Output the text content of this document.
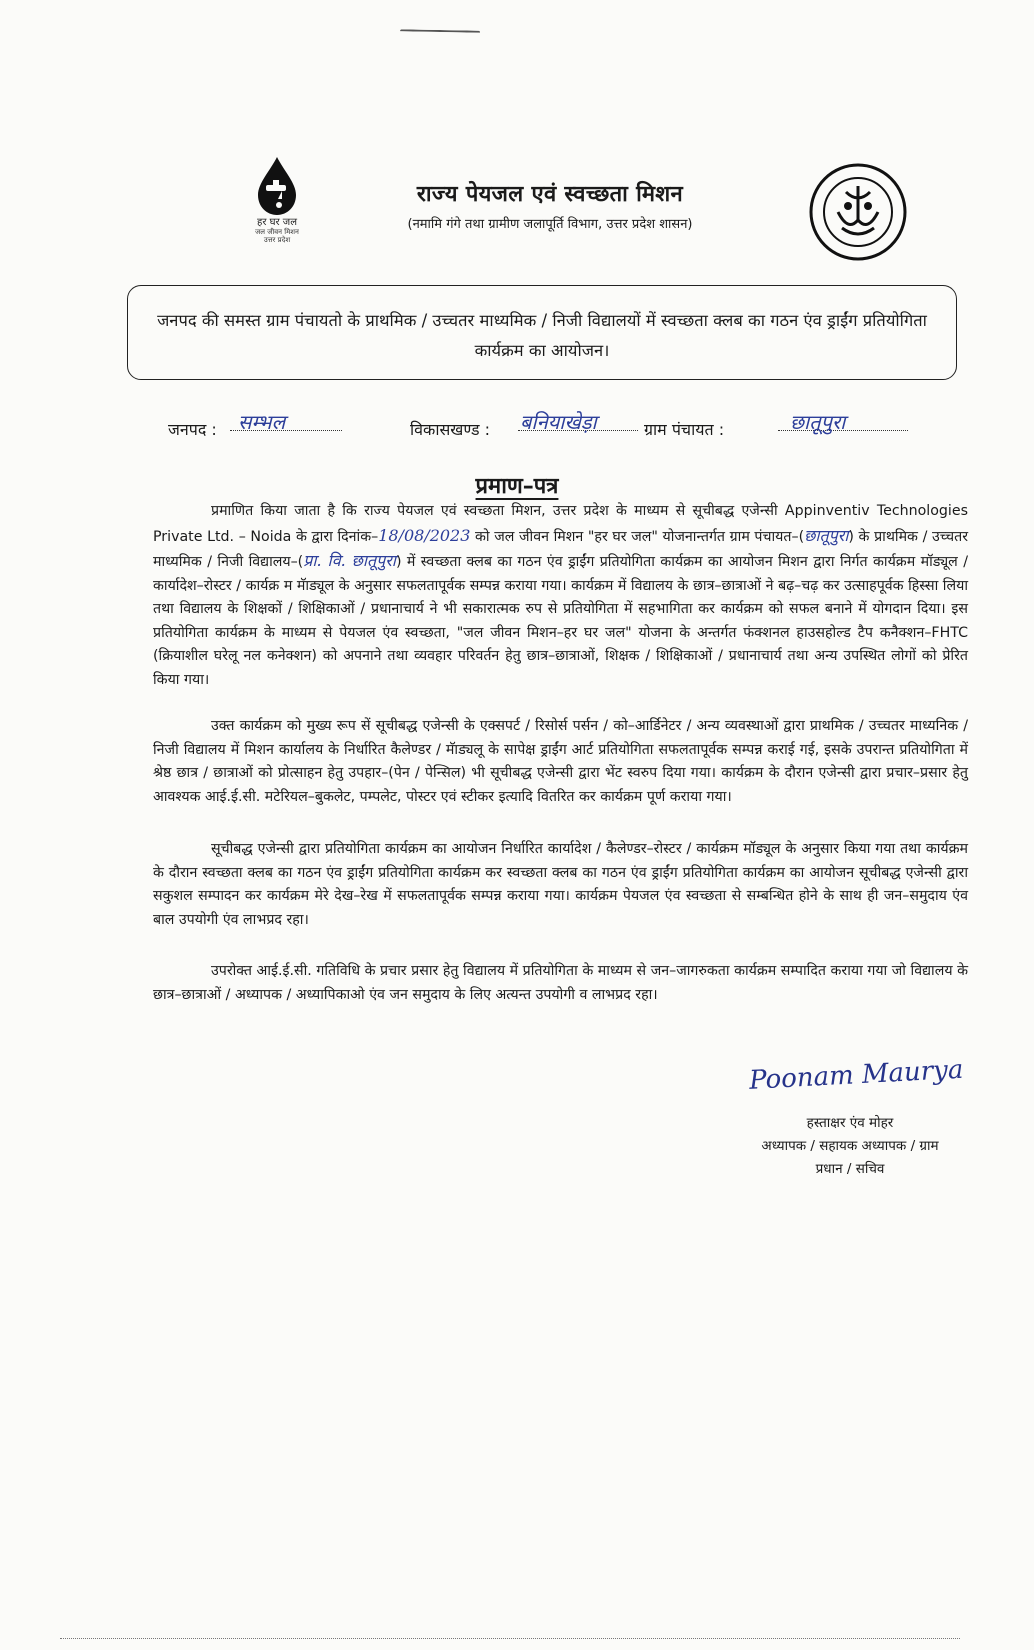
हर घर जल
जल जीवन मिशन
उत्तर प्रदेश
राज्य पेयजल एवं स्वच्छता मिशन
(नमामि गंगे तथा ग्रामीण जलापूर्ति विभाग, उत्तर प्रदेश शासन)
जनपद की समस्त ग्राम पंचायतो के प्राथमिक / उच्चतर माध्यमिक / निजी विद्यालयों में स्वच्छता क्लब का गठन एंव ड्राईंग प्रतियोगिता कार्यक्रम का आयोजन।
जनपद : सम्भल	विकासखण्ड : बनियाखेड़ा	ग्राम पंचायत :	छातूपुरा
प्रमाण–पत्र
प्रमाणित किया जाता है कि राज्य पेयजल एवं स्वच्छता मिशन, उत्तर प्रदेश के माध्यम से सूचीबद्ध एजेन्सी Appinventiv Technologies Private Ltd. – Noida के द्वारा दिनांक–18/08/2023 को जल जीवन मिशन "हर घर जल" योजनान्तर्गत ग्राम पंचायत–(छातूपुरा) के प्राथमिक / उच्चतर माध्यमिक / निजी विद्यालय–(प्रा. वि. छातूपुरा) में स्वच्छता क्लब का गठन एंव ड्राईंग प्रतियोगिता कार्यक्रम का आयोजन मिशन द्वारा निर्गत कार्यक्रम मॉड्यूल / कार्यादेश–रोस्टर / कार्यक्र म मॅाड्यूल के अनुसार सफलतापूर्वक सम्पन्न कराया गया। कार्यक्रम में विद्यालय के छात्र–छात्राओं ने बढ़–चढ़ कर उत्साहपूर्वक हिस्सा लिया तथा विद्यालय के शिक्षकों / शिक्षिकाओं / प्रधानाचार्य ने भी सकारात्मक रुप से प्रतियोगिता में सहभागिता कर कार्यक्रम को सफल बनाने में योगदान दिया। इस प्रतियोगिता कार्यक्रम के माध्यम से पेयजल एंव स्वच्छता, "जल जीवन मिशन–हर घर जल" योजना के अन्तर्गत फंक्शनल हाउसहोल्ड टैप कनैक्शन–FHTC (क्रियाशील घरेलू नल कनेक्शन) को अपनाने तथा व्यवहार परिवर्तन हेतु छात्र–छात्राओं, शिक्षक / शिक्षिकाओं / प्रधानाचार्य तथा अन्य उपस्थित लोगों को प्रेरित किया गया।
उक्त कार्यक्रम को मुख्य रूप सें सूचीबद्ध एजेन्सी के एक्सपर्ट / रिसोर्स पर्सन / को–आर्डिनेटर / अन्य व्यवस्थाओं द्वारा प्राथमिक / उच्चतर माध्यनिक / निजी विद्यालय में मिशन कार्यालय के निर्धारित कैलेण्डर / मॅाड्यलू के सापेक्ष ड्राईंग आर्ट प्रतियोगिता सफलतापूर्वक सम्पन्न कराई गई, इसके उपरान्त प्रतियोगिता में श्रेष्ठ छात्र / छात्राओं को प्रोत्साहन हेतु उपहार–(पेन / पेन्सिल) भी सूचीबद्ध एजेन्सी द्वारा भेंट स्वरुप दिया गया। कार्यक्रम के दौरान एजेन्सी द्वारा प्रचार–प्रसार हेतु आवश्यक आई.ई.सी. मटेरियल–बुकलेट, पम्पलेट, पोस्टर एवं स्टीकर इत्यादि वितरित कर कार्यक्रम पूर्ण कराया गया।
सूचीबद्ध एजेन्सी द्वारा प्रतियोगिता कार्यक्रम का आयोजन निर्धारित कार्यादेश / कैलेण्डर–रोस्टर / कार्यक्रम मॉड्यूल के अनुसार किया गया तथा कार्यक्रम के दौरान स्वच्छता क्लब का गठन एंव ड्राईंग प्रतियोगिता कार्यक्रम कर स्वच्छता क्लब का गठन एंव ड्राईंग प्रतियोगिता कार्यक्रम का आयोजन सूचीबद्ध एजेन्सी द्वारा सकुशल सम्पादन कर कार्यक्रम मेरे देख–रेख में सफलतापूर्वक सम्पन्न कराया गया। कार्यक्रम पेयजल एंव स्वच्छता से सम्बन्धित होने के साथ ही जन–समुदाय एंव बाल उपयोगी एंव लाभप्रद रहा।
उपरोक्त आई.ई.सी. गतिविधि के प्रचार प्रसार हेतु विद्यालय में प्रतियोगिता के माध्यम से जन–जागरुकता कार्यक्रम सम्पादित कराया गया जो विद्यालय के छात्र–छात्राओं / अध्यापक / अध्यापिकाओ एंव जन समुदाय के लिए अत्यन्त उपयोगी व लाभप्रद रहा।
Poonam Maurya
हस्ताक्षर एंव मोहर
अध्यापक / सहायक अध्यापक / ग्राम
प्रधान / सचिव
